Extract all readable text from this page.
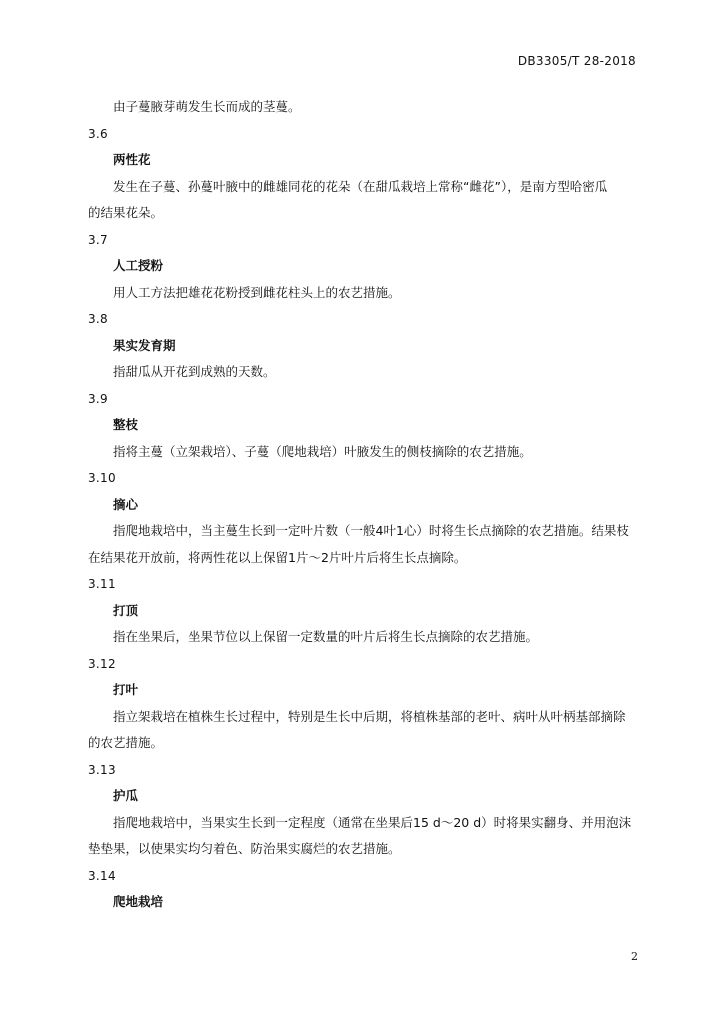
DB3305/T 28-2018
由子蔓腋芽萌发生长而成的茎蔓。
3.6
两性花
发生在子蔓、孙蔓叶腋中的雌雄同花的花朵（在甜瓜栽培上常称“雌花”），是南方型哈密瓜
的结果花朵。
3.7
人工授粉
用人工方法把雄花花粉授到雌花柱头上的农艺措施。
3.8
果实发育期
指甜瓜从开花到成熟的天数。
3.9
整枝
指将主蔓（立架栽培）、子蔓（爬地栽培）叶腋发生的侧枝摘除的农艺措施。
3.10
摘心
指爬地栽培中，当主蔓生长到一定叶片数（一般4叶1心）时将生长点摘除的农艺措施。结果枝
在结果花开放前，将两性花以上保留1片～2片叶片后将生长点摘除。
3.11
打顶
指在坐果后，坐果节位以上保留一定数量的叶片后将生长点摘除的农艺措施。
3.12
打叶
指立架栽培在植株生长过程中，特别是生长中后期，将植株基部的老叶、病叶从叶柄基部摘除
的农艺措施。
3.13
护瓜
指爬地栽培中，当果实生长到一定程度（通常在坐果后15 d～20 d）时将果实翻身、并用泡沫
垫垫果，以使果实均匀着色、防治果实腐烂的农艺措施。
3.14
爬地栽培
2
